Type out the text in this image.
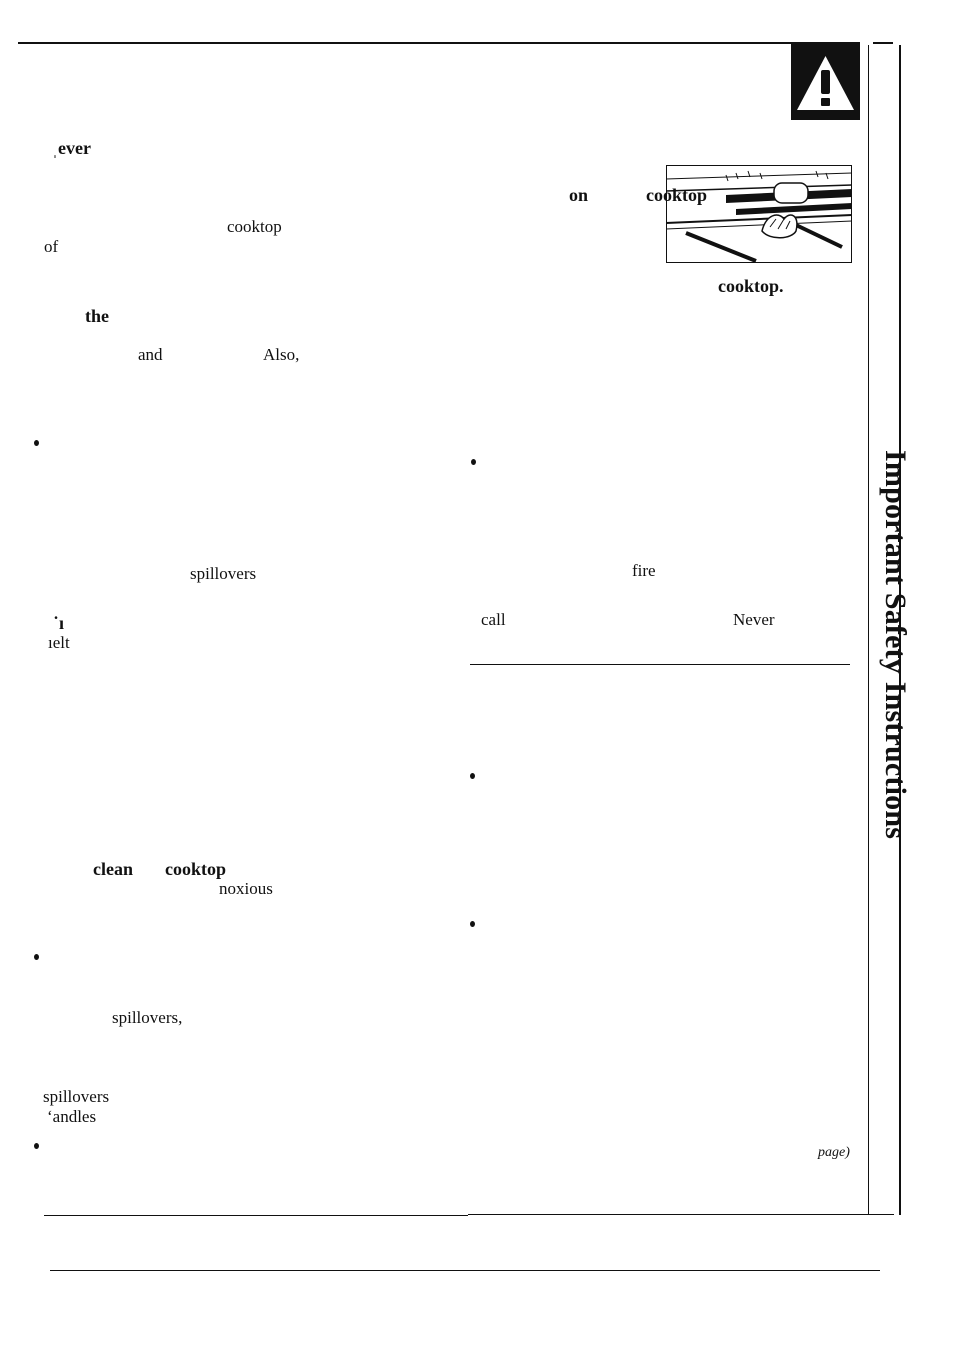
Important Safety Instructions
ˌever
cooktop
of
the
and	Also,
spillovers
˙ı
ıelt
clean cooktop
noxious
spillovers,
spillovers
ʻandles
on	cooktop
cooktop.
fire
call	Never
page)
